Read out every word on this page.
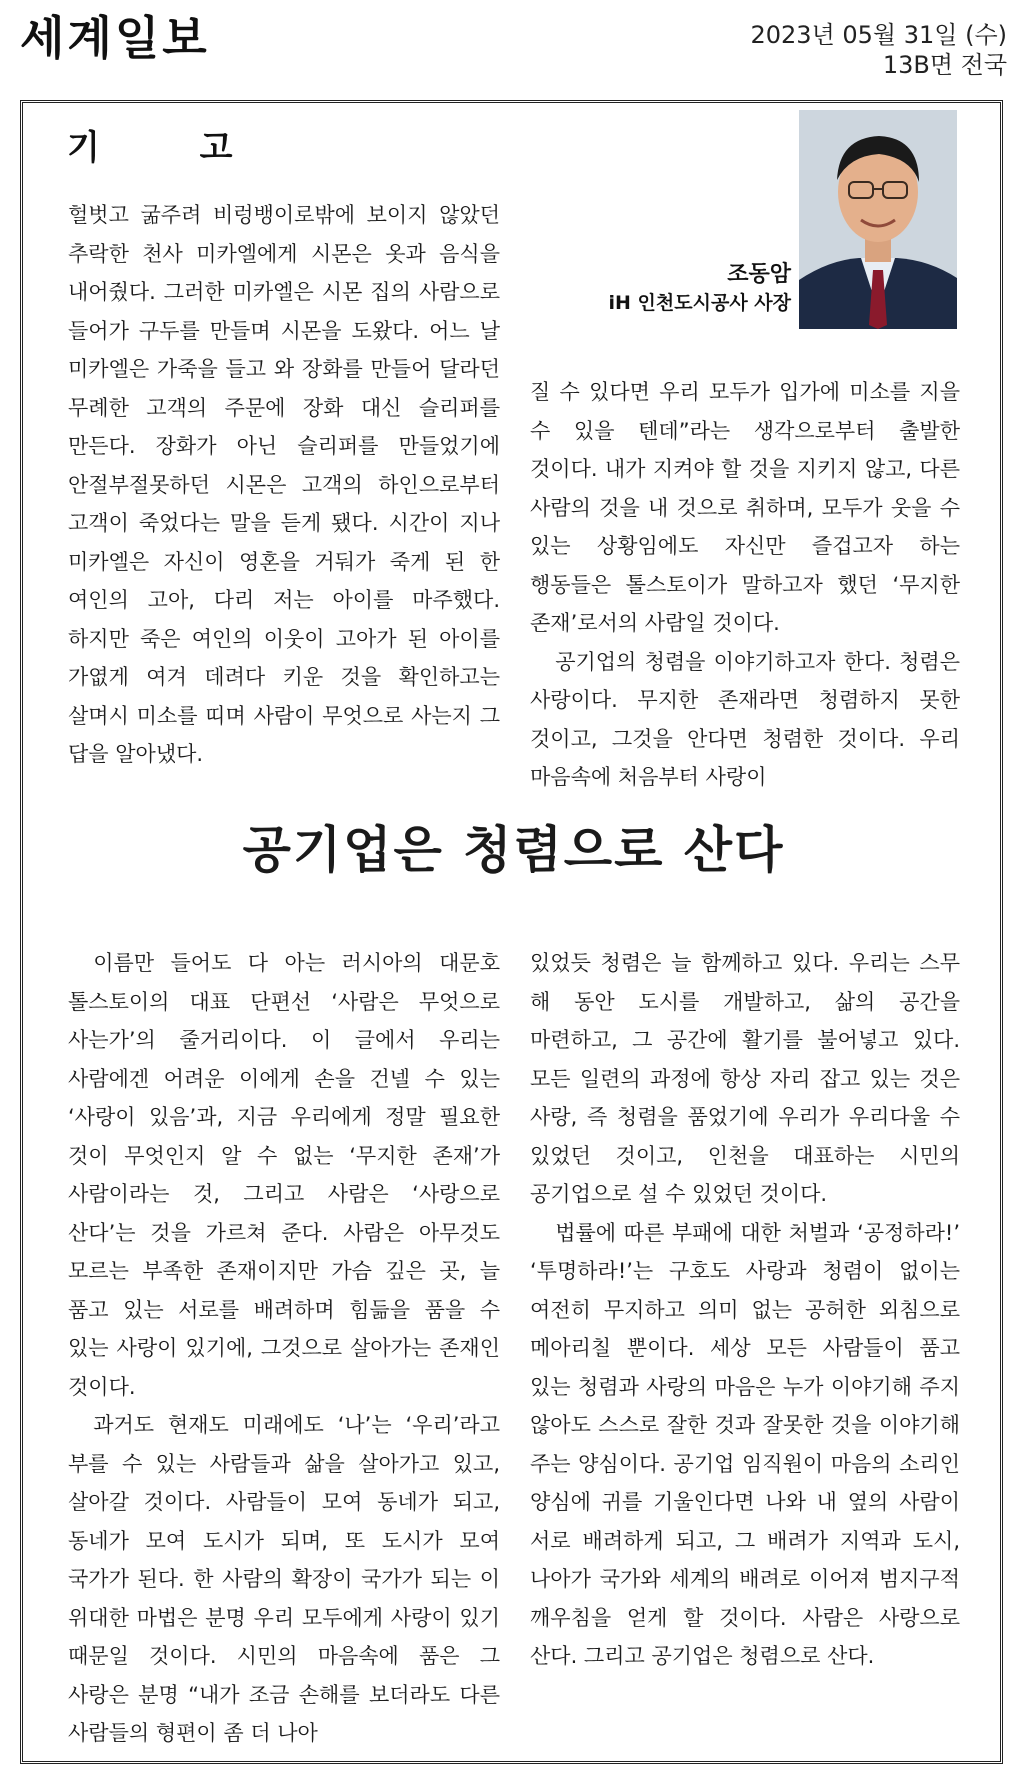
세계일보	2023년 05월 31일 (수)
13B면 전국
기 고
조동암
iH 인천도시공사 사장

헐벗고 굶주려 비렁뱅이로밖에 보이지 않았던 추락한 천사 미카엘에게 시몬은 옷과 음식을 내어줬다. 그러한 미카엘은 시몬 집의 사람으로 들어가 구두를 만들며 시몬을 도왔다. 어느 날 미카엘은 가죽을 들고 와 장화를 만들어 달라던 무례한 고객의 주문에 장화 대신 슬리퍼를 만든다. 장화가 아닌 슬리퍼를 만들었기에 안절부절못하던 시몬은 고객의 하인으로부터 고객이 죽었다는 말을 듣게 됐다. 시간이 지나 미카엘은 자신이 영혼을 거둬가 죽게 된 한 여인의 고아, 다리 저는 아이를 마주했다. 하지만 죽은 여인의 이웃이 고아가 된 아이를 가엾게 여겨 데려다 키운 것을 확인하고는 살며시 미소를 띠며 사람이 무엇으로 사는지 그 답을 알아냈다.

질 수 있다면 우리 모두가 입가에 미소를 지을 수 있을 텐데”라는 생각으로부터 출발한 것이다. 내가 지켜야 할 것을 지키지 않고, 다른 사람의 것을 내 것으로 취하며, 모두가 웃을 수 있는 상황임에도 자신만 즐겁고자 하는 행동들은 톨스토이가 말하고자 했던 ‘무지한 존재’로서의 사람일 것이다.

공기업의 청렴을 이야기하고자 한다. 청렴은 사랑이다. 무지한 존재라면 청렴하지 못한 것이고, 그것을 안다면 청렴한 것이다. 우리 마음속에 처음부터 사랑이

공기업은 청렴으로 산다

이름만 들어도 다 아는 러시아의 대문호 톨스토이의 대표 단편선 ‘사람은 무엇으로 사는가’의 줄거리이다. 이 글에서 우리는 사람에겐 어려운 이에게 손을 건넬 수 있는 ‘사랑이 있음’과, 지금 우리에게 정말 필요한 것이 무엇인지 알 수 없는 ‘무지한 존재’가 사람이라는 것, 그리고 사람은 ‘사랑으로 산다’는 것을 가르쳐 준다. 사람은 아무것도 모르는 부족한 존재이지만 가슴 깊은 곳, 늘 품고 있는 서로를 배려하며 힘듦을 품을 수 있는 사랑이 있기에, 그것으로 살아가는 존재인 것이다.

과거도 현재도 미래에도 ‘나’는 ‘우리’라고 부를 수 있는 사람들과 삶을 살아가고 있고, 살아갈 것이다. 사람들이 모여 동네가 되고, 동네가 모여 도시가 되며, 또 도시가 모여 국가가 된다. 한 사람의 확장이 국가가 되는 이 위대한 마법은 분명 우리 모두에게 사랑이 있기 때문일 것이다. 시민의 마음속에 품은 그 사랑은 분명 “내가 조금 손해를 보더라도 다른 사람들의 형편이 좀 더 나아

있었듯 청렴은 늘 함께하고 있다. 우리는 스무 해 동안 도시를 개발하고, 삶의 공간을 마련하고, 그 공간에 활기를 불어넣고 있다. 모든 일련의 과정에 항상 자리 잡고 있는 것은 사랑, 즉 청렴을 품었기에 우리가 우리다울 수 있었던 것이고, 인천을 대표하는 시민의 공기업으로 설 수 있었던 것이다.

법률에 따른 부패에 대한 처벌과 ‘공정하라!’ ‘투명하라!’는 구호도 사랑과 청렴이 없이는 여전히 무지하고 의미 없는 공허한 외침으로 메아리칠 뿐이다. 세상 모든 사람들이 품고 있는 청렴과 사랑의 마음은 누가 이야기해 주지 않아도 스스로 잘한 것과 잘못한 것을 이야기해 주는 양심이다. 공기업 임직원이 마음의 소리인 양심에 귀를 기울인다면 나와 내 옆의 사람이 서로 배려하게 되고, 그 배려가 지역과 도시, 나아가 국가와 세계의 배려로 이어져 범지구적 깨우침을 얻게 할 것이다. 사람은 사랑으로 산다. 그리고 공기업은 청렴으로 산다.
